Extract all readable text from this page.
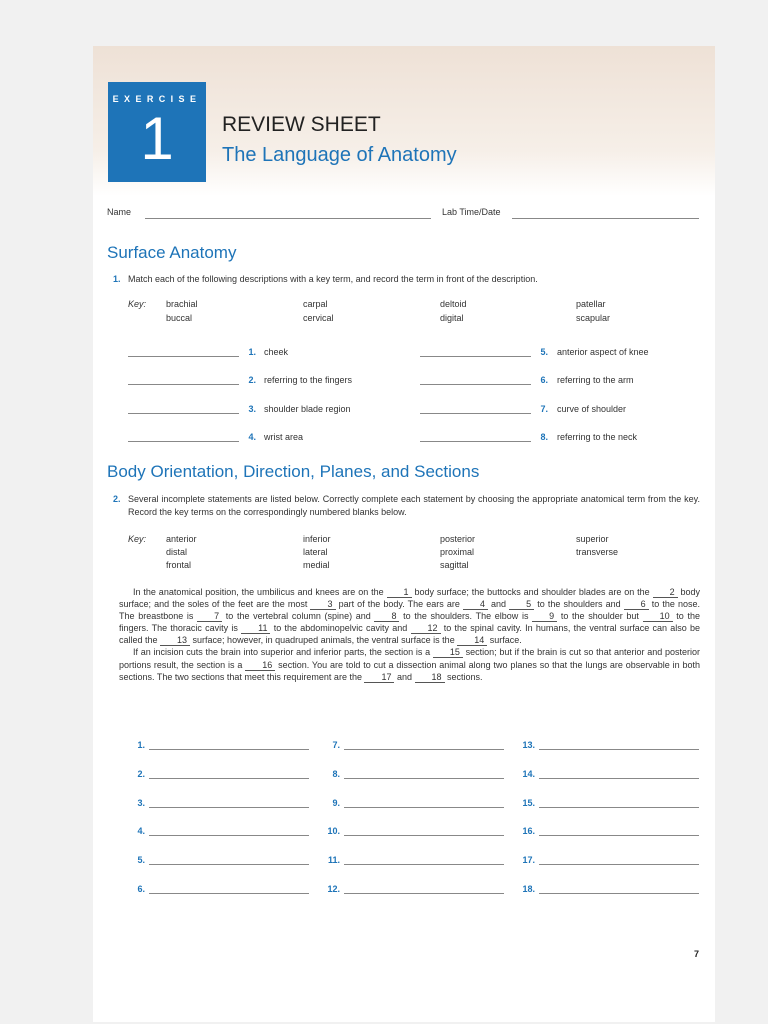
EXERCISE
1	REVIEW SHEET
The Language of Anatomy
Name	Lab Time/Date
Surface Anatomy
1. Match each of the following descriptions with a key term, and record the term in front of the description.
Key: brachial
buccal
carpal
cervical
deltoid
digital
patellar
scapular
1. cheek
2. referring to the fingers
3. shoulder blade region
4. wrist area
5. anterior aspect of knee
6. referring to the arm
7. curve of shoulder
8. referring to the neck
Body Orientation, Direction, Planes, and Sections
2. Several incomplete statements are listed below. Correctly complete each statement by choosing the appropriate anatomical term from the key. Record the key terms on the correspondingly numbered blanks below.
Key: anterior
distal
frontal
inferior
lateral
medial
posterior
proximal
sagittal
superior
transverse

In the anatomical position, the umbilicus and knees are on the 1 body surface; the buttocks and shoulder blades are on the 2 body surface; and the soles of the feet are the most 3 part of the body. The ears are 4 and 5 to the shoulders and 6 to the nose. The breastbone is 7 to the vertebral column (spine) and 8 to the shoulders. The elbow is 9 to the shoulder but 10 to the fingers. The thoracic cavity is 11 to the abdominopelvic cavity and 12 to the spinal cavity. In humans, the ventral surface can also be called the 13 surface; however, in quadruped animals, the ventral surface is the 14 surface.

If an incision cuts the brain into superior and inferior parts, the section is a 15 section; but if the brain is cut so that anterior and posterior portions result, the section is a 16 section. You are told to cut a dissection animal along two planes so that the lungs are observable in both sections. The two sections that meet this requirement are the 17 and 18 sections.

1.
2.
3.
4.
5.
6.
7.
8.
9.
10.
11.
12.
13.
14.
15.
16.
17.
18.
7
